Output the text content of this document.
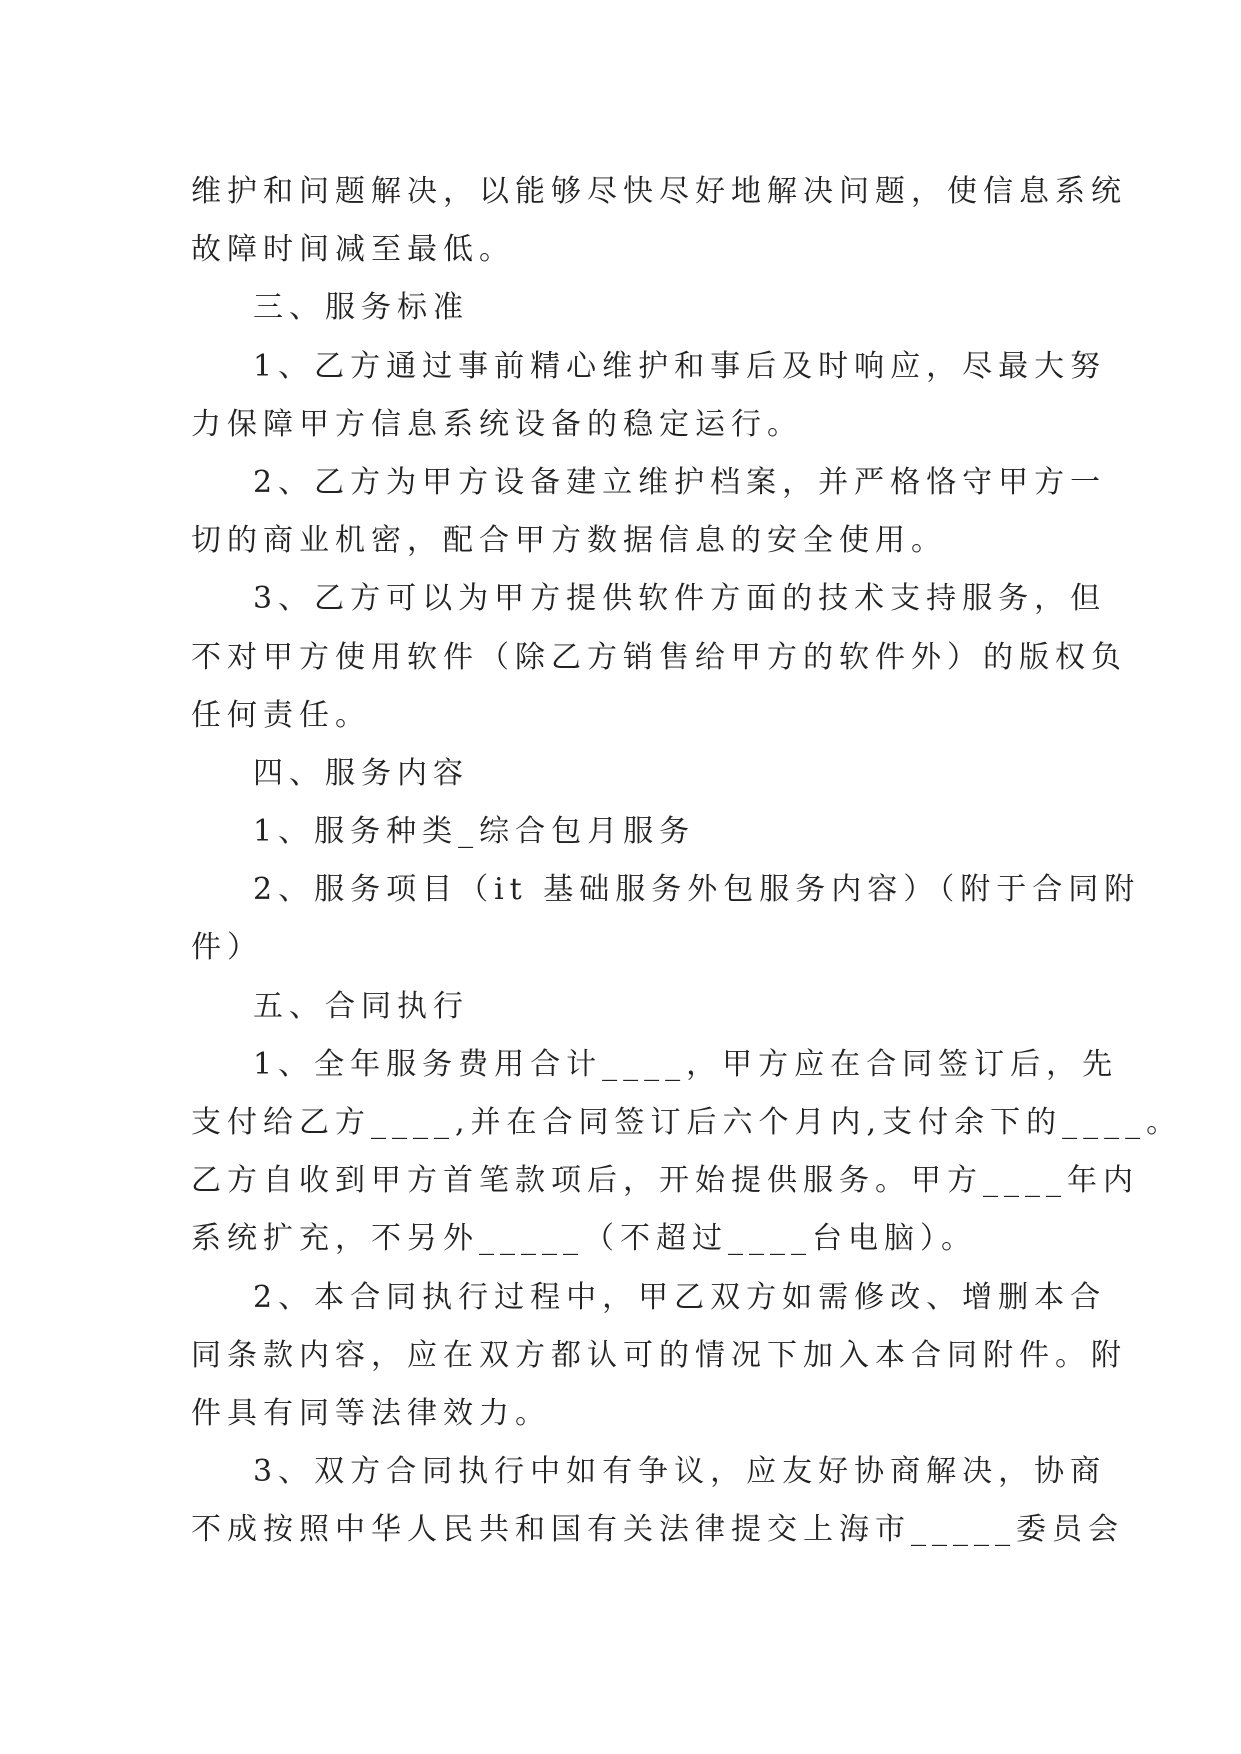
维护和问题解决，以能够尽快尽好地解决问题，使信息系统
故障时间减至最低。
三、服务标准
1、乙方通过事前精心维护和事后及时响应，尽最大努
力保障甲方信息系统设备的稳定运行。
2、乙方为甲方设备建立维护档案，并严格恪守甲方一
切的商业机密，配合甲方数据信息的安全使用。
3、乙方可以为甲方提供软件方面的技术支持服务，但
不对甲方使用软件（除乙方销售给甲方的软件外）的版权负
任何责任。
四、服务内容
1、服务种类_综合包月服务
2、服务项目（it 基础服务外包服务内容）（附于合同附
件）
五、合同执行
1、全年服务费用合计____，甲方应在合同签订后，先
支付给乙方____,并在合同签订后六个月内,支付余下的____。
乙方自收到甲方首笔款项后，开始提供服务。甲方____年内
系统扩充，不另外_____（不超过____台电脑）。
2、本合同执行过程中，甲乙双方如需修改、增删本合
同条款内容，应在双方都认可的情况下加入本合同附件。附
件具有同等法律效力。
3、双方合同执行中如有争议，应友好协商解决，协商
不成按照中华人民共和国有关法律提交上海市_____委员会
